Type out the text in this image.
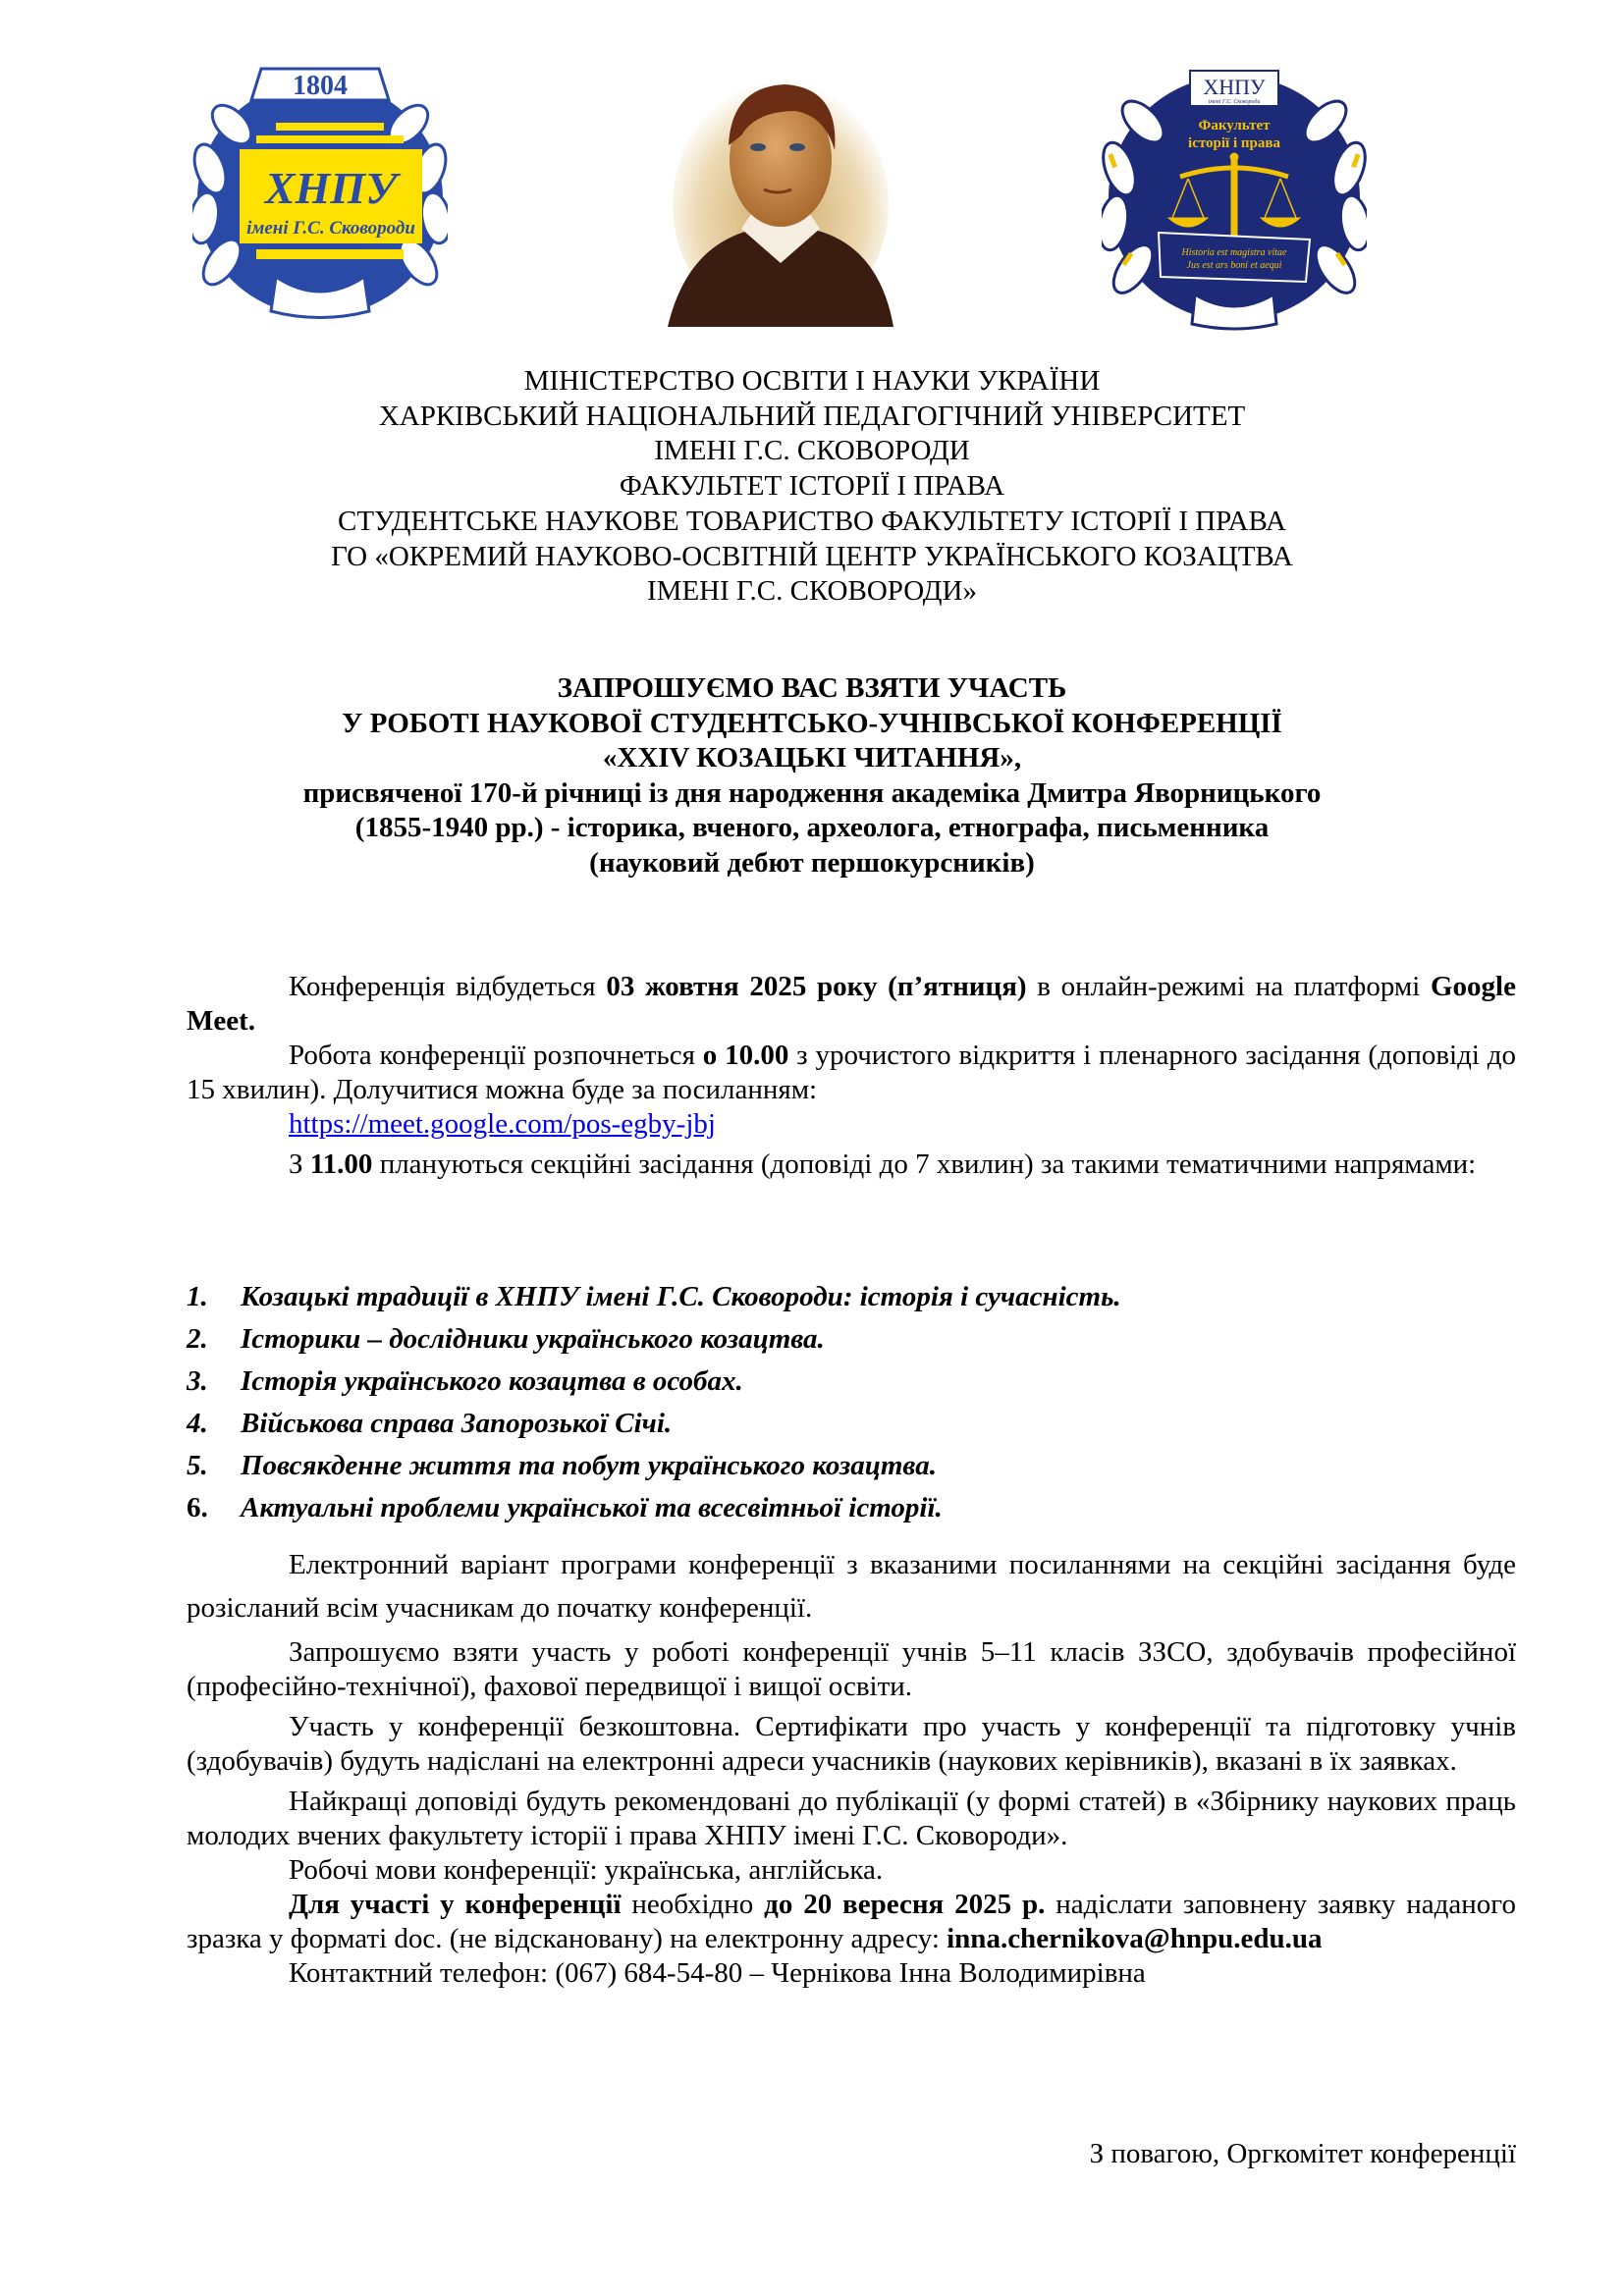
1804
ХНПУ
імені Г.С. Сковороди
ХНПУ
імені Г.С. Сковороди
Факультет
історії і права
Historia est magistra vitae
Jus est ars boni et aequi
МІНІСТЕРСТВО ОСВІТИ І НАУКИ УКРАЇНИ
ХАРКІВСЬКИЙ НАЦІОНАЛЬНИЙ ПЕДАГОГІЧНИЙ УНІВЕРСИТЕТ
ІМЕНІ Г.С. СКОВОРОДИ
ФАКУЛЬТЕТ ІСТОРІЇ І ПРАВА
СТУДЕНТСЬКЕ НАУКОВЕ ТОВАРИСТВО ФАКУЛЬТЕТУ ІСТОРІЇ І ПРАВА
ГО «ОКРЕМИЙ НАУКОВО-ОСВІТНІЙ ЦЕНТР УКРАЇНСЬКОГО КОЗАЦТВА
ІМЕНІ Г.С. СКОВОРОДИ»
ЗАПРОШУЄМО ВАС ВЗЯТИ УЧАСТЬ
У РОБОТІ НАУКОВОЇ СТУДЕНТСЬКО-УЧНІВСЬКОЇ КОНФЕРЕНЦІЇ
«XXIV КОЗАЦЬКІ ЧИТАННЯ»,
присвяченої 170-й річниці із дня народження академіка Дмитра Яворницького
(1855-1940 рр.) - історика, вченого, археолога, етнографа, письменника
(науковий дебют першокурсників)
Конференція відбудеться 03 жовтня 2025 року (п’ятниця) в онлайн-режимі на платформі Google Meet.
Робота конференції розпочнеться о 10.00 з урочистого відкриття і пленарного засідання (доповіді до 15 хвилин). Долучитися можна буде за посиланням:
https://meet.google.com/pos-egby-jbj
З 11.00 плануються секційні засідання (доповіді до 7 хвилин) за такими тематичними напрямами:
1.	Козацькі традиції в ХНПУ імені Г.С. Сковороди: історія і сучасність.
2.	Історики – дослідники українського козацтва.
3.	Історія українського козацтва в особах.
4.	Військова справа Запорозької Січі.
5.	Повсякденне життя та побут українського козацтва.
6.	Актуальні проблеми української та всесвітньої історії.
Електронний варіант програми конференції з вказаними посиланнями на секційні засідання буде розісланий всім учасникам до початку конференції.
Запрошуємо взяти участь у роботі конференції учнів 5–11 класів ЗЗСО, здобувачів професійної (професійно-технічної), фахової передвищої і вищої освіти.
Участь у конференції безкоштовна. Сертифікати про участь у конференції та підготовку учнів (здобувачів) будуть надіслані на електронні адреси учасників (наукових керівників), вказані в їх заявках.
Найкращі доповіді будуть рекомендовані до публікації (у формі статей) в «Збірнику наукових праць молодих вчених факультету історії і права ХНПУ імені Г.С. Сковороди».
Робочі мови конференції: українська, англійська.
Для участі у конференції необхідно до 20 вересня 2025 р. надіслати заповнену заявку наданого зразка у форматі doc. (не відскановану) на електронну адресу: inna.chernikova@hnpu.edu.ua
Контактний телефон: (067) 684-54-80 – Чернікова Інна Володимирівна
З повагою, Оргкомітет конференції
